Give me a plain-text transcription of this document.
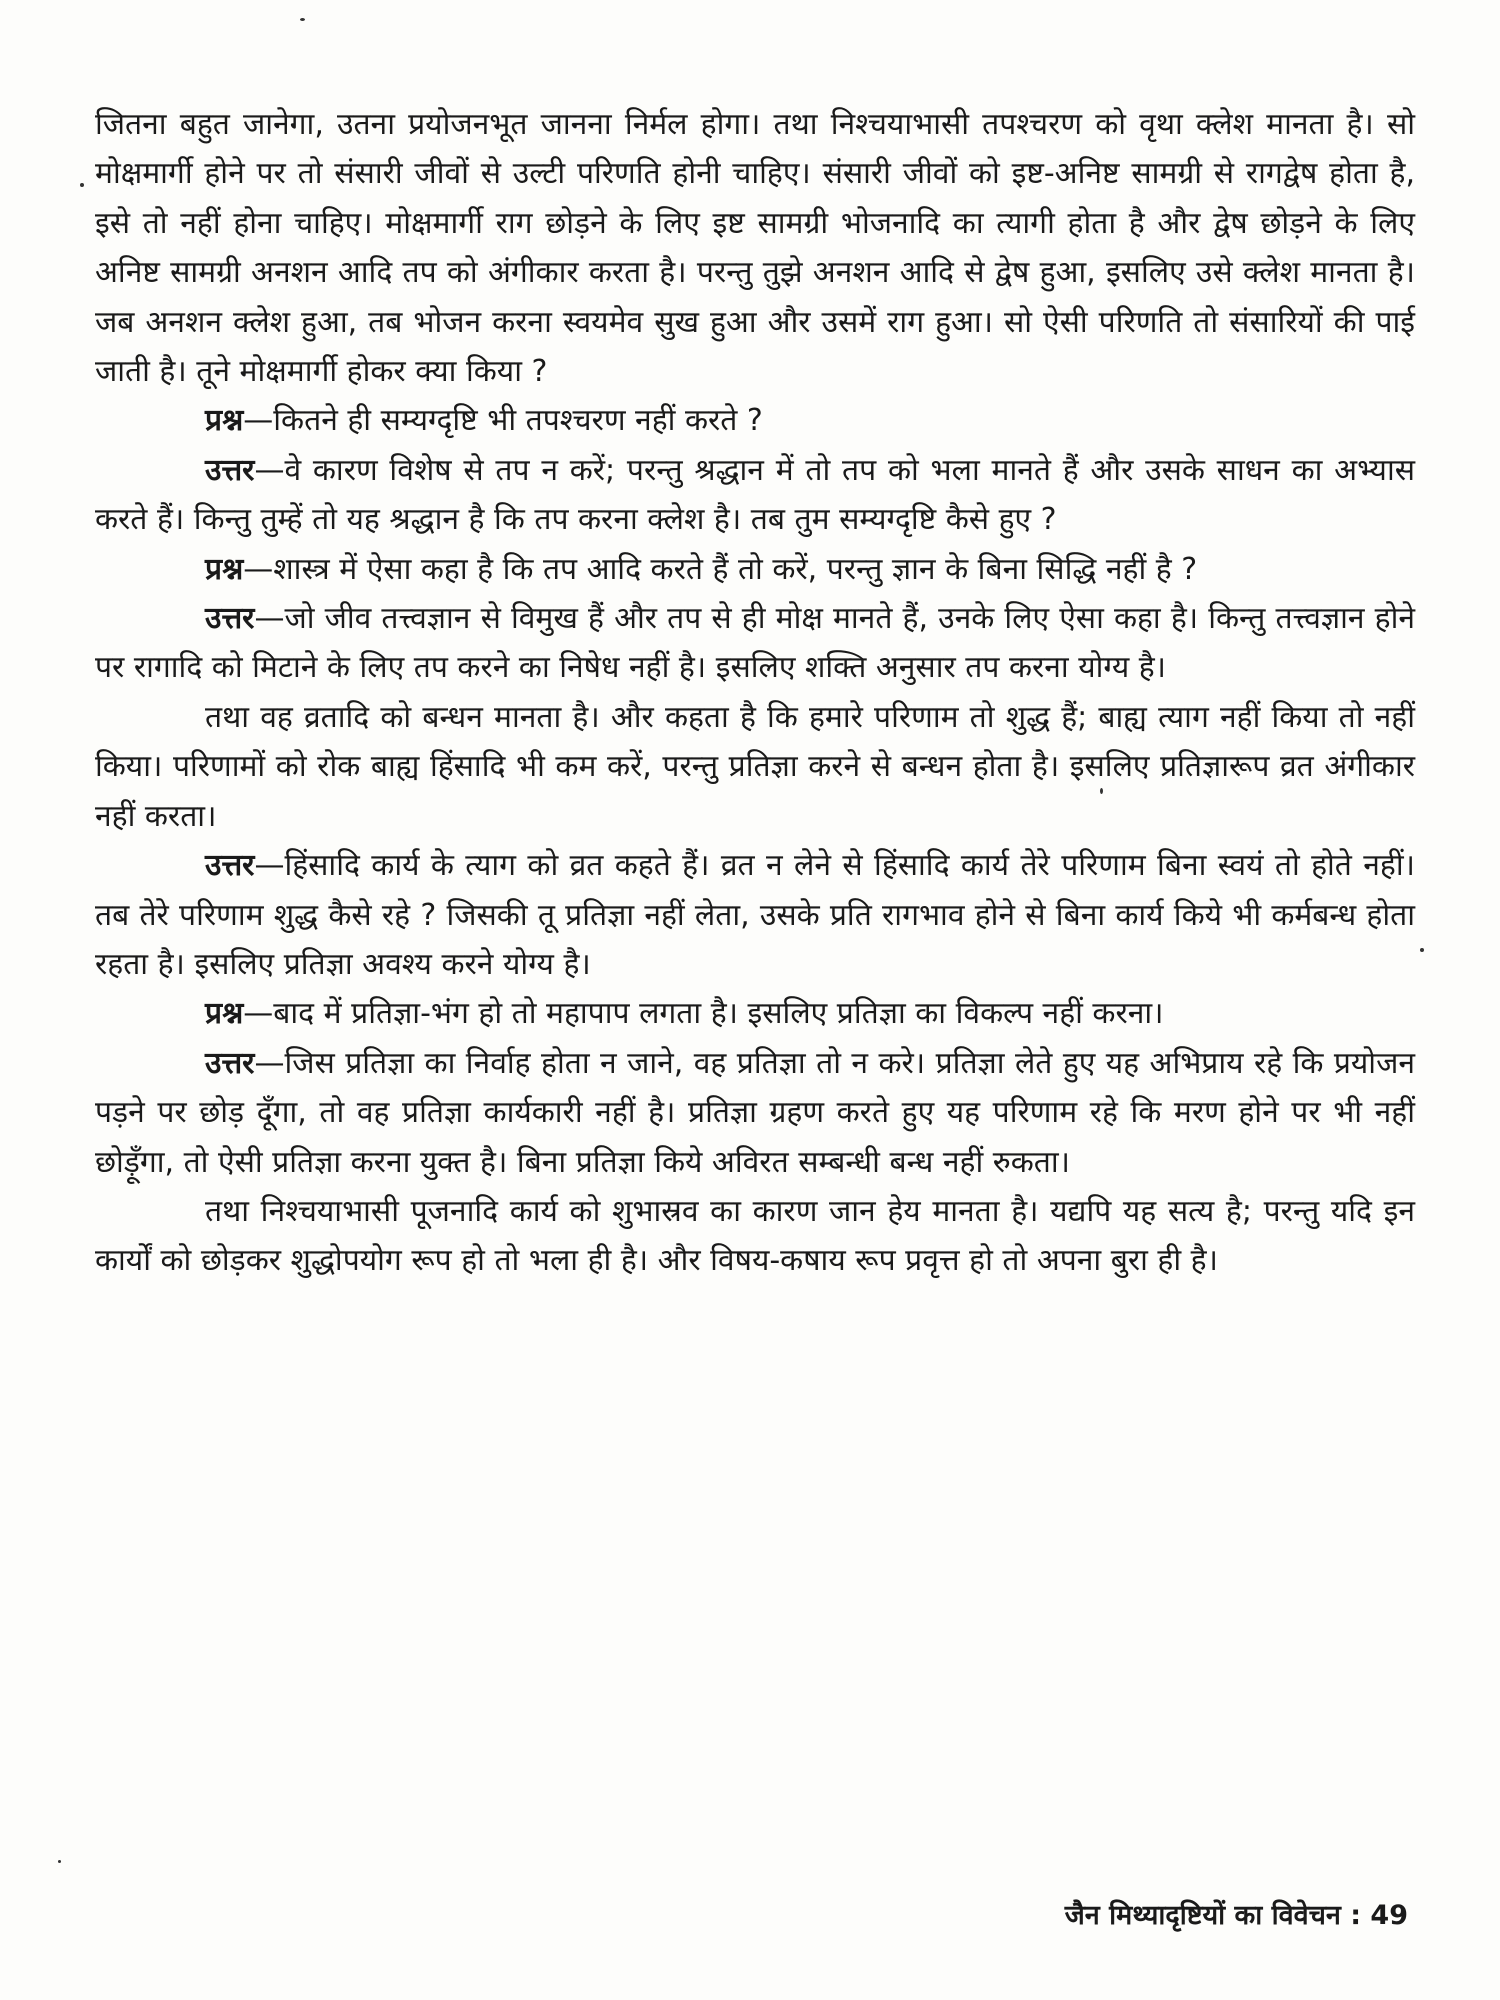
जितना बहुत जानेगा, उतना प्रयोजनभूत जानना निर्मल होगा। तथा निश्चयाभासी तपश्चरण को वृथा क्लेश मानता है। सो मोक्षमार्गी होने पर तो संसारी जीवों से उल्टी परिणति होनी चाहिए। संसारी जीवों को इष्ट-अनिष्ट सामग्री से रागद्वेष होता है, इसे तो नहीं होना चाहिए। मोक्षमार्गी राग छोड़ने के लिए इष्ट सामग्री भोजनादि का त्यागी होता है और द्वेष छोड़ने के लिए अनिष्ट सामग्री अनशन आदि तप को अंगीकार करता है। परन्तु तुझे अनशन आदि से द्वेष हुआ, इसलिए उसे क्लेश मानता है। जब अनशन क्लेश हुआ, तब भोजन करना स्वयमेव सुख हुआ और उसमें राग हुआ। सो ऐसी परिणति तो संसारियों की पाई जाती है। तूने मोक्षमार्गी होकर क्या किया ?

प्रश्न—कितने ही सम्यग्दृष्टि भी तपश्चरण नहीं करते ?

उत्तर—वे कारण विशेष से तप न करें; परन्तु श्रद्धान में तो तप को भला मानते हैं और उसके साधन का अभ्यास करते हैं। किन्तु तुम्हें तो यह श्रद्धान है कि तप करना क्लेश है। तब तुम सम्यग्दृष्टि कैसे हुए ?

प्रश्न—शास्त्र में ऐसा कहा है कि तप आदि करते हैं तो करें, परन्तु ज्ञान के बिना सिद्धि नहीं है ?

उत्तर—जो जीव तत्त्वज्ञान से विमुख हैं और तप से ही मोक्ष मानते हैं, उनके लिए ऐसा कहा है। किन्तु तत्त्वज्ञान होने पर रागादि को मिटाने के लिए तप करने का निषेध नहीं है। इसलिए शक्ति अनुसार तप करना योग्य है।

तथा वह व्रतादि को बन्धन मानता है। और कहता है कि हमारे परिणाम तो शुद्ध हैं; बाह्य त्याग नहीं किया तो नहीं किया। परिणामों को रोक बाह्य हिंसादि भी कम करें, परन्तु प्रतिज्ञा करने से बन्धन होता है। इसलिए प्रतिज्ञारूप व्रत अंगीकार नहीं करता।

उत्तर—हिंसादि कार्य के त्याग को व्रत कहते हैं। व्रत न लेने से हिंसादि कार्य तेरे परिणाम बिना स्वयं तो होते नहीं। तब तेरे परिणाम शुद्ध कैसे रहे ? जिसकी तू प्रतिज्ञा नहीं लेता, उसके प्रति रागभाव होने से बिना कार्य किये भी कर्मबन्ध होता रहता है। इसलिए प्रतिज्ञा अवश्य करने योग्य है।

प्रश्न—बाद में प्रतिज्ञा-भंग हो तो महापाप लगता है। इसलिए प्रतिज्ञा का विकल्प नहीं करना।

उत्तर—जिस प्रतिज्ञा का निर्वाह होता न जाने, वह प्रतिज्ञा तो न करे। प्रतिज्ञा लेते हुए यह अभिप्राय रहे कि प्रयोजन पड़ने पर छोड़ दूँगा, तो वह प्रतिज्ञा कार्यकारी नहीं है। प्रतिज्ञा ग्रहण करते हुए यह परिणाम रहे कि मरण होने पर भी नहीं छोड़ूँगा, तो ऐसी प्रतिज्ञा करना युक्त है। बिना प्रतिज्ञा किये अविरत सम्बन्धी बन्ध नहीं रुकता।

तथा निश्चयाभासी पूजनादि कार्य को शुभास्रव का कारण जान हेय मानता है। यद्यपि यह सत्य है; परन्तु यदि इन कार्यों को छोड़कर शुद्धोपयोग रूप हो तो भला ही है। और विषय-कषाय रूप प्रवृत्त हो तो अपना बुरा ही है।

जैन मिथ्यादृष्टियों का विवेचन : 49
